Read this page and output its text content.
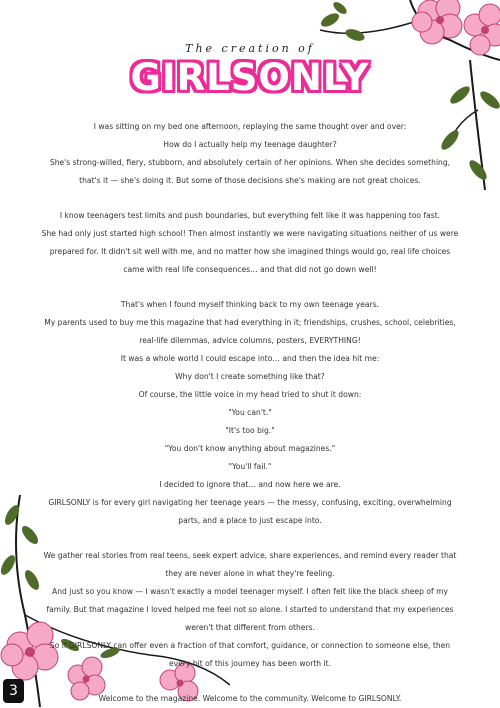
The creation of
GIRLSONLY

I was sitting on my bed one afternoon, replaying the same thought over and over:

How do I actually help my teenage daughter?

She's strong-willed, fiery, stubborn, and absolutely certain of her opinions. When she decides something,

that's it — she's doing it. But some of those decisions she's making are not great choices.

I know teenagers test limits and push boundaries, but everything felt like it was happening too fast.

She had only just started high school! Then almost instantly we were navigating situations neither of us were

prepared for. It didn't sit well with me, and no matter how she imagined things would go, real life choices

came with real life consequences… and that did not go down well!

That's when I found myself thinking back to my own teenage years.

My parents used to buy me this magazine that had everything in it; friendships, crushes, school, celebrities,

real-life dilemmas, advice columns, posters, EVERYTHING!

It was a whole world I could escape into… and then the idea hit me:

Why don't I create something like that?

Of course, the little voice in my head tried to shut it down:

"You can't."

"It's too big."

"You don't know anything about magazines."

"You'll fail."

I decided to ignore that… and now here we are.

GIRLSONLY is for every girl navigating her teenage years — the messy, confusing, exciting, overwhelming

parts, and a place to just escape into.

We gather real stories from real teens, seek expert advice, share experiences, and remind every reader that

they are never alone in what they're feeling.

And just so you know — I wasn't exactly a model teenager myself. I often felt like the black sheep of my

family. But that magazine I loved helped me feel not so alone. I started to understand that my experiences

weren't that different from others.

So if GIRLSONLY can offer even a fraction of that comfort, guidance, or connection to someone else, then

every bit of this journey has been worth it.

Welcome to the magazine. Welcome to the community. Welcome to GIRLSONLY.

3
